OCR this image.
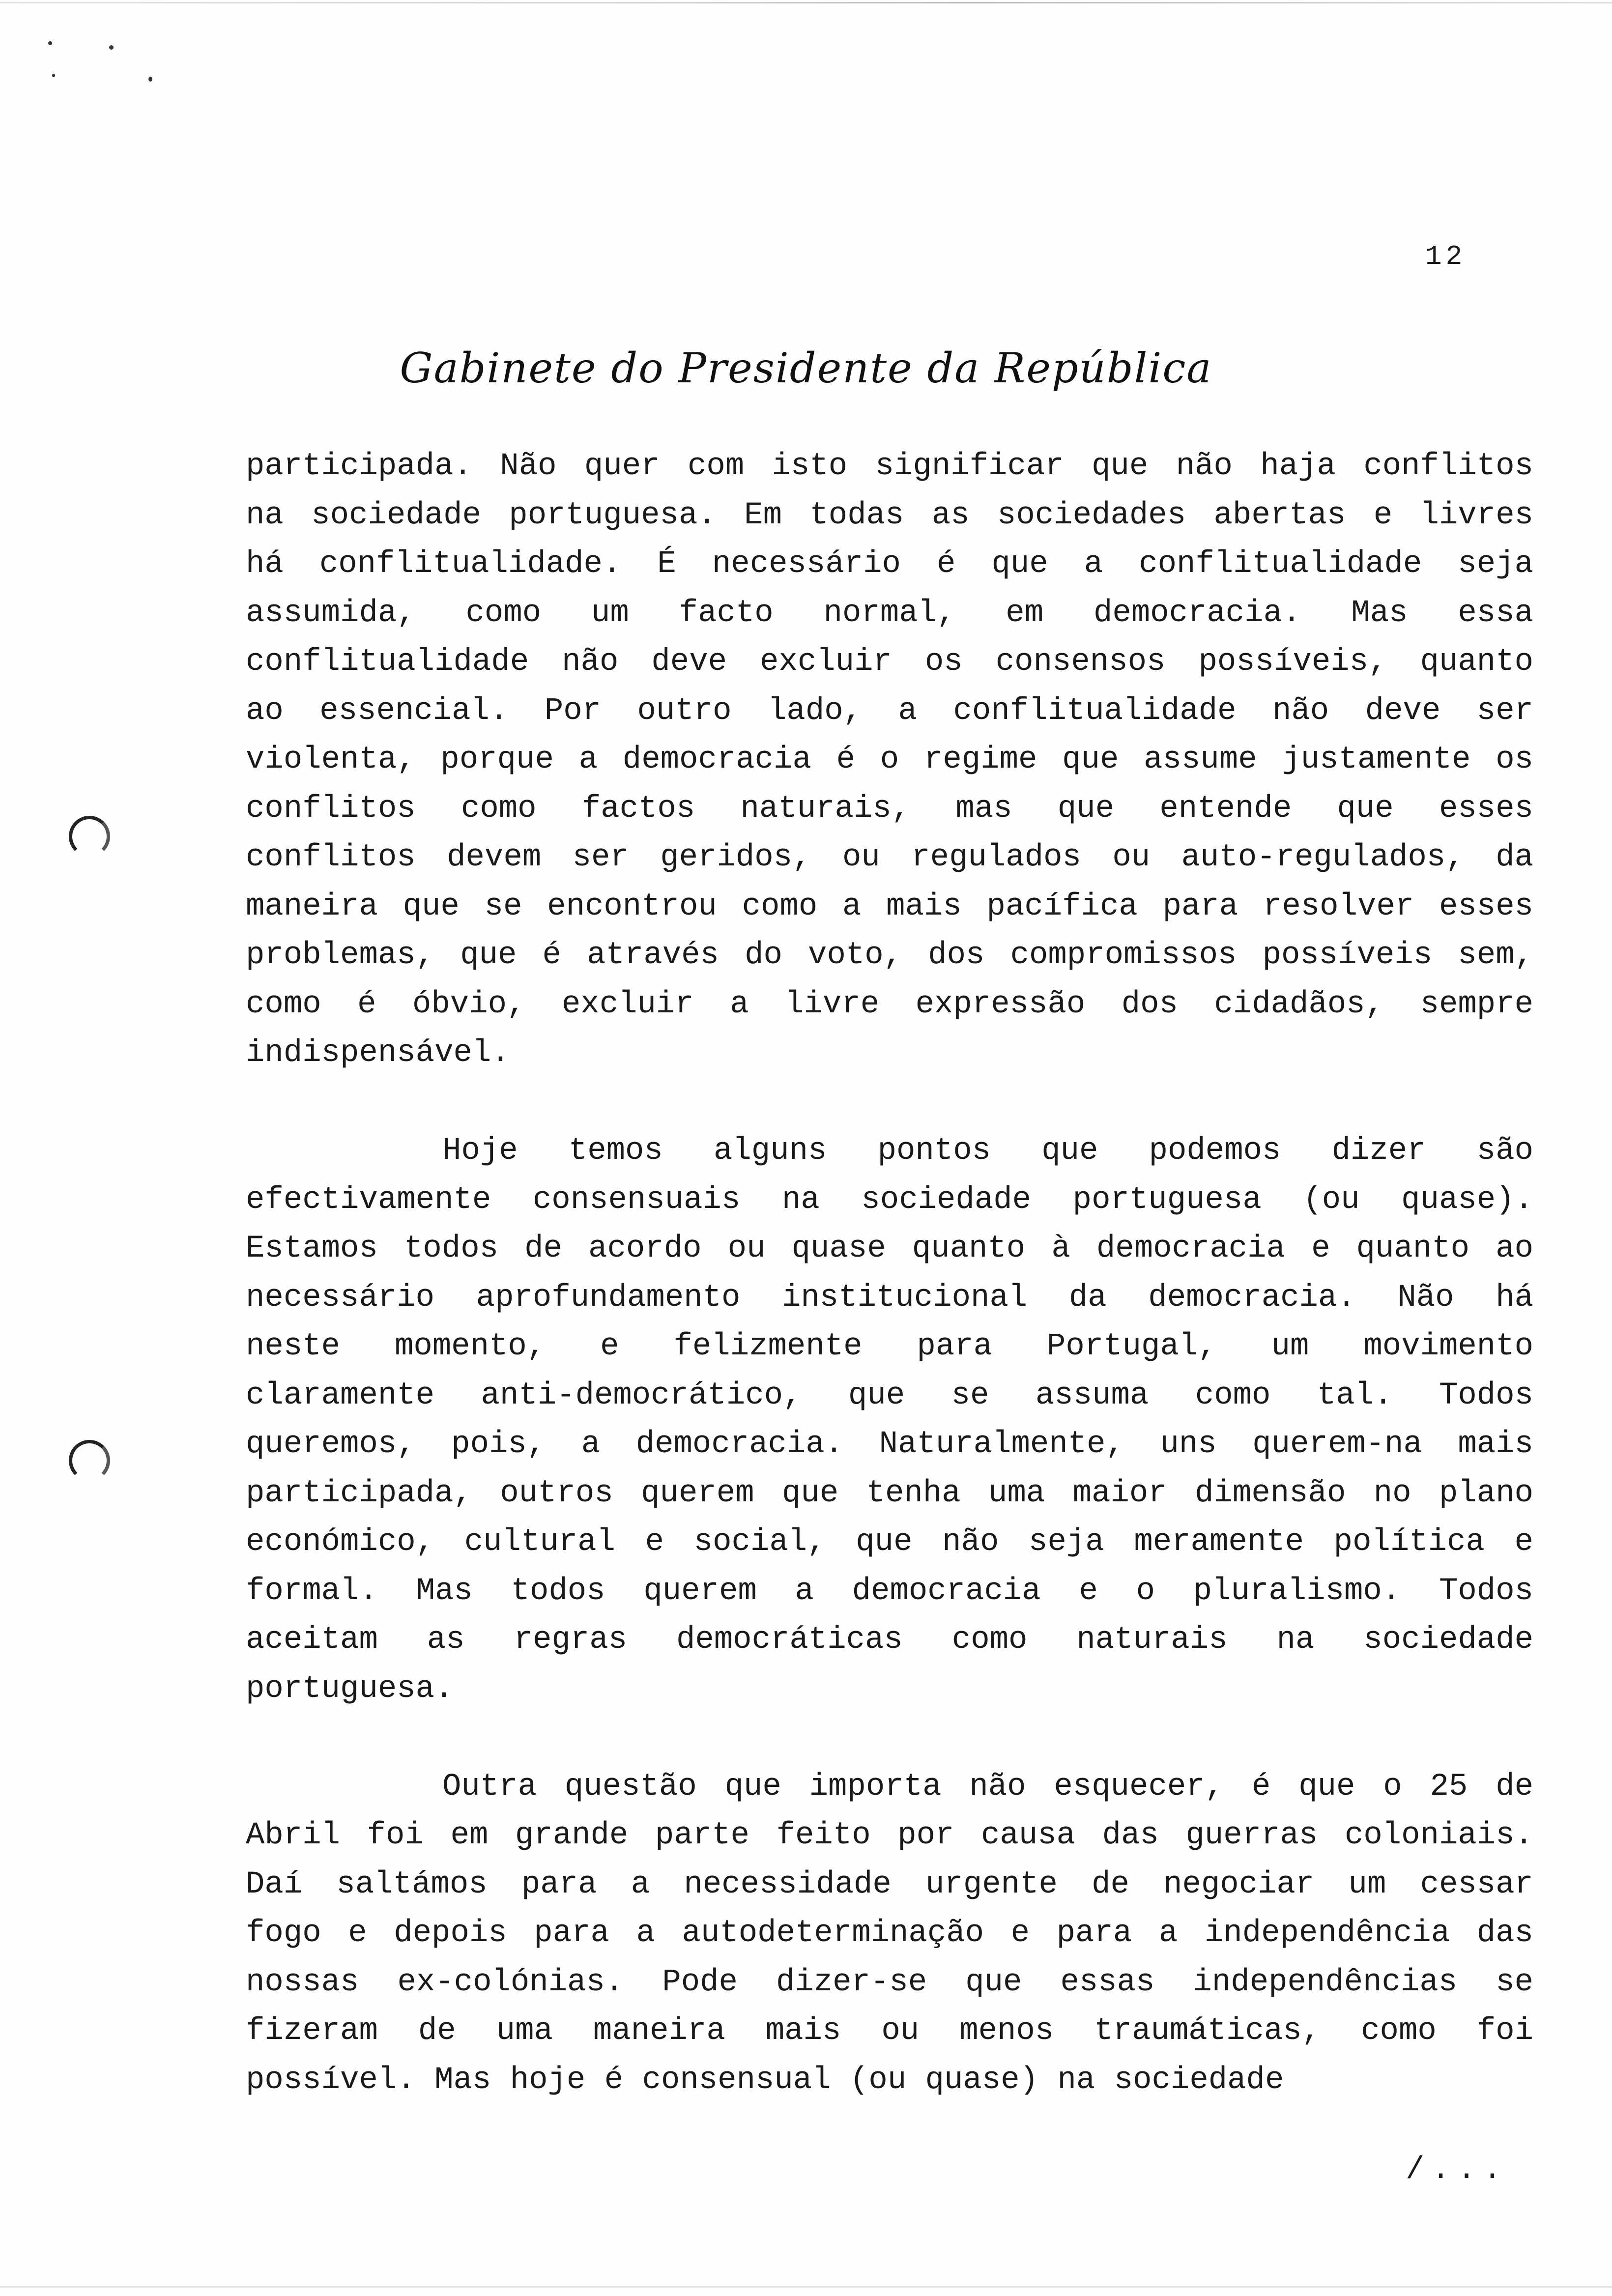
12
Gabinete do Presidente da República
participada. Não quer com isto significar que não haja conflitos
na sociedade portuguesa. Em todas as sociedades abertas e livres
há conflitualidade. É necessário é que a conflitualidade seja
assumida, como um facto normal, em democracia. Mas essa
conflitualidade não deve excluir os consensos possíveis, quanto
ao essencial. Por outro lado, a conflitualidade não deve ser
violenta, porque a democracia é o regime que assume justamente os
conflitos como factos naturais, mas que entende que esses
conflitos devem ser geridos, ou regulados ou auto-regulados, da
maneira que se encontrou como a mais pacífica para resolver esses
problemas, que é através do voto, dos compromissos possíveis sem,
como é óbvio, excluir a livre expressão dos cidadãos, sempre
indispensável.
Hoje temos alguns pontos que podemos dizer são
efectivamente consensuais na sociedade portuguesa (ou quase).
Estamos todos de acordo ou quase quanto à democracia e quanto ao
necessário aprofundamento institucional da democracia. Não há
neste momento, e felizmente para Portugal, um movimento
claramente anti-democrático, que se assuma como tal. Todos
queremos, pois, a democracia. Naturalmente, uns querem-na mais
participada, outros querem que tenha uma maior dimensão no plano
económico, cultural e social, que não seja meramente política e
formal. Mas todos querem a democracia e o pluralismo. Todos
aceitam as regras democráticas como naturais na sociedade
portuguesa.
Outra questão que importa não esquecer, é que o 25 de
Abril foi em grande parte feito por causa das guerras coloniais.
Daí saltámos para a necessidade urgente de negociar um cessar
fogo e depois para a autodeterminação e para a independência das
nossas ex-colónias. Pode dizer-se que essas independências se
fizeram de uma maneira mais ou menos traumáticas, como foi
possível. Mas hoje é consensual (ou quase) na sociedade
/...
